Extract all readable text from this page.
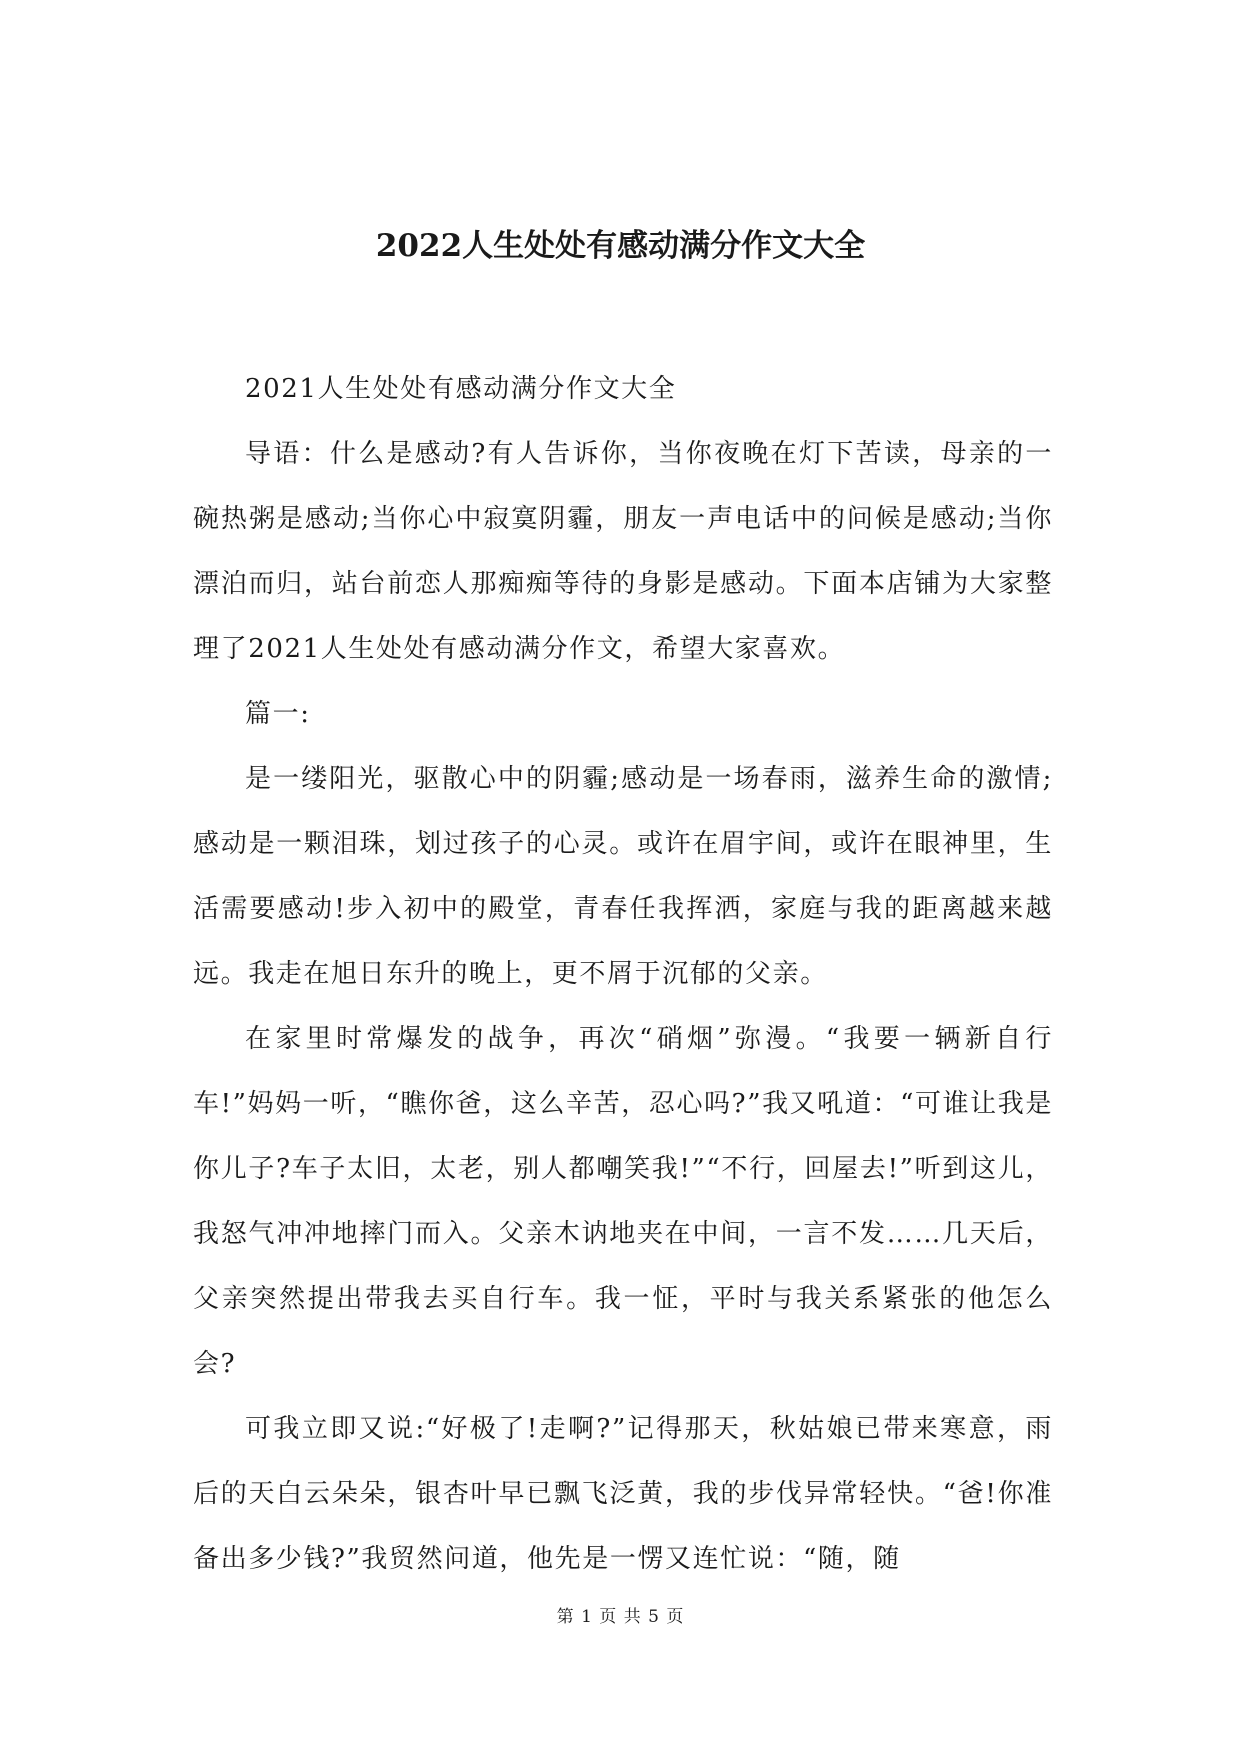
2022人生处处有感动满分作文大全

2021人生处处有感动满分作文大全

导语：什么是感动?有人告诉你，当你夜晚在灯下苦读，母亲的一碗热粥是感动;当你心中寂寞阴霾，朋友一声电话中的问候是感动;当你漂泊而归，站台前恋人那痴痴等待的身影是感动。下面本店铺为大家整理了2021人生处处有感动满分作文，希望大家喜欢。

篇一:

是一缕阳光，驱散心中的阴霾;感动是一场春雨，滋养生命的激情;感动是一颗泪珠，划过孩子的心灵。或许在眉宇间，或许在眼神里，生活需要感动!步入初中的殿堂，青春任我挥洒，家庭与我的距离越来越远。我走在旭日东升的晚上，更不屑于沉郁的父亲。

在家里时常爆发的战争，再次“硝烟”弥漫。“我要一辆新自行车!”妈妈一听，“瞧你爸，这么辛苦，忍心吗?”我又吼道：“可谁让我是你儿子?车子太旧，太老，别人都嘲笑我!”“不行，回屋去!”听到这儿，我怒气冲冲地摔门而入。父亲木讷地夹在中间，一言不发……几天后，父亲突然提出带我去买自行车。我一怔，平时与我关系紧张的他怎么会?

可我立即又说:“好极了!走啊?”记得那天，秋姑娘已带来寒意，雨后的天白云朵朵，银杏叶早已飘飞泛黄，我的步伐异常轻快。“爸!你准备出多少钱?”我贸然问道，他先是一愣又连忙说：“随，随

第 1 页 共 5 页
